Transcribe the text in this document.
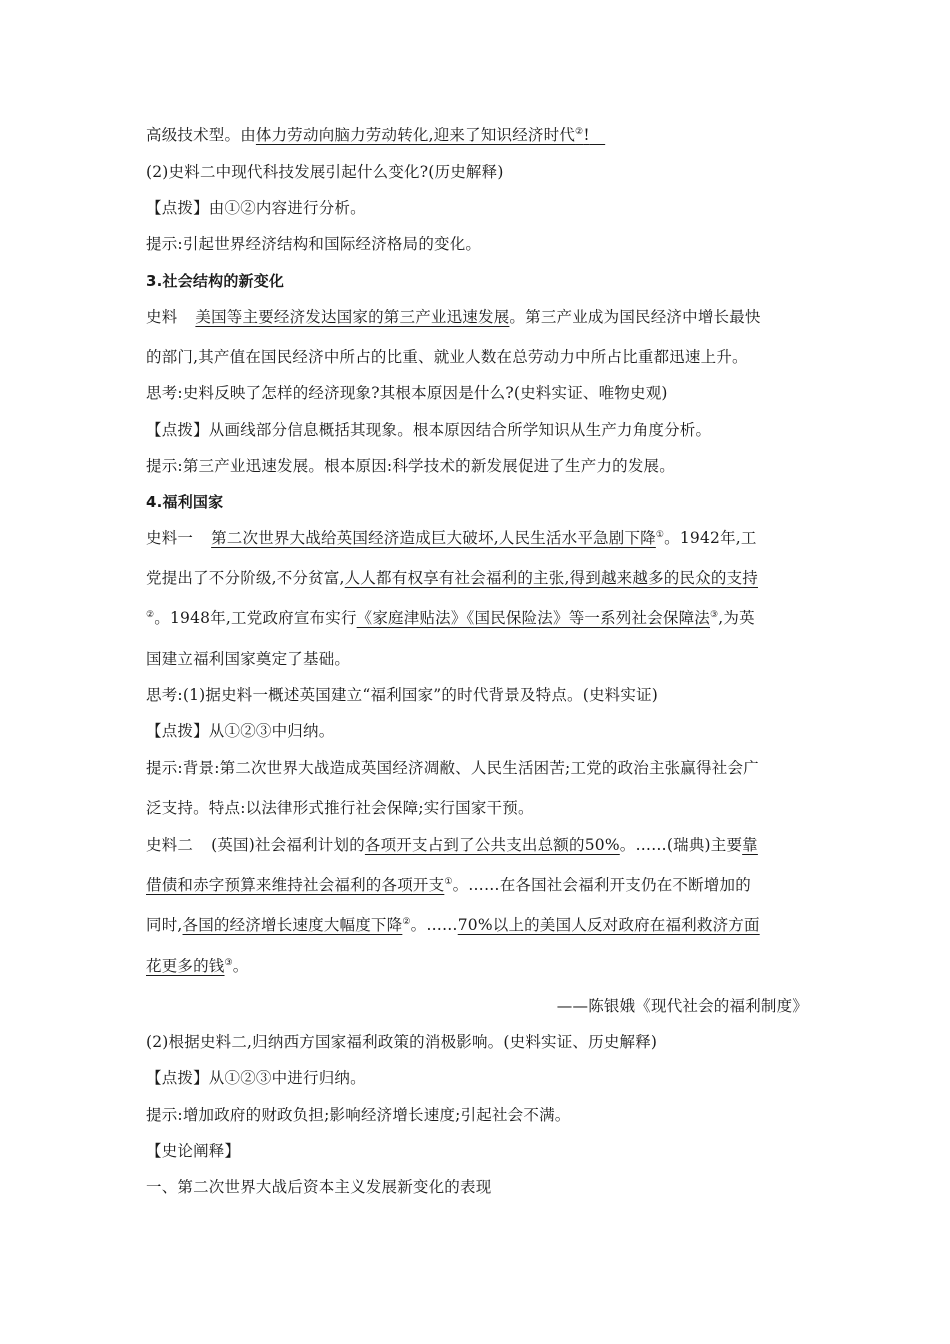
高级技术型。由体力劳动向脑力劳动转化,迎来了知识经济时代②!
(2)史料二中现代科技发展引起什么变化?(历史解释)
【点拨】由①②内容进行分析。
提示:引起世界经济结构和国际经济格局的变化。
3.社会结构的新变化
史料 美国等主要经济发达国家的第三产业迅速发展。第三产业成为国民经济中增长最快
的部门,其产值在国民经济中所占的比重、就业人数在总劳动力中所占比重都迅速上升。
思考:史料反映了怎样的经济现象?其根本原因是什么?(史料实证、唯物史观)
【点拨】从画线部分信息概括其现象。根本原因结合所学知识从生产力角度分析。
提示:第三产业迅速发展。根本原因:科学技术的新发展促进了生产力的发展。
4.福利国家
史料一 第二次世界大战给英国经济造成巨大破坏,人民生活水平急剧下降①。1942年,工
党提出了不分阶级,不分贫富,人人都有权享有社会福利的主张,得到越来越多的民众的支持
②。1948年,工党政府宣布实行《家庭津贴法》《国民保险法》等一系列社会保障法③,为英
国建立福利国家奠定了基础。
思考:(1)据史料一概述英国建立“福利国家”的时代背景及特点。(史料实证)
【点拨】从①②③中归纳。
提示:背景:第二次世界大战造成英国经济凋敝、人民生活困苦;工党的政治主张赢得社会广
泛支持。特点:以法律形式推行社会保障;实行国家干预。
史料二 (英国)社会福利计划的各项开支占到了公共支出总额的50%。……(瑞典)主要靠
借债和赤字预算来维持社会福利的各项开支①。……在各国社会福利开支仍在不断增加的
同时,各国的经济增长速度大幅度下降②。……70%以上的美国人反对政府在福利救济方面
花更多的钱③。
——陈银娥《现代社会的福利制度》
(2)根据史料二,归纳西方国家福利政策的消极影响。(史料实证、历史解释)
【点拨】从①②③中进行归纳。
提示:增加政府的财政负担;影响经济增长速度;引起社会不满。
【史论阐释】
一、第二次世界大战后资本主义发展新变化的表现
